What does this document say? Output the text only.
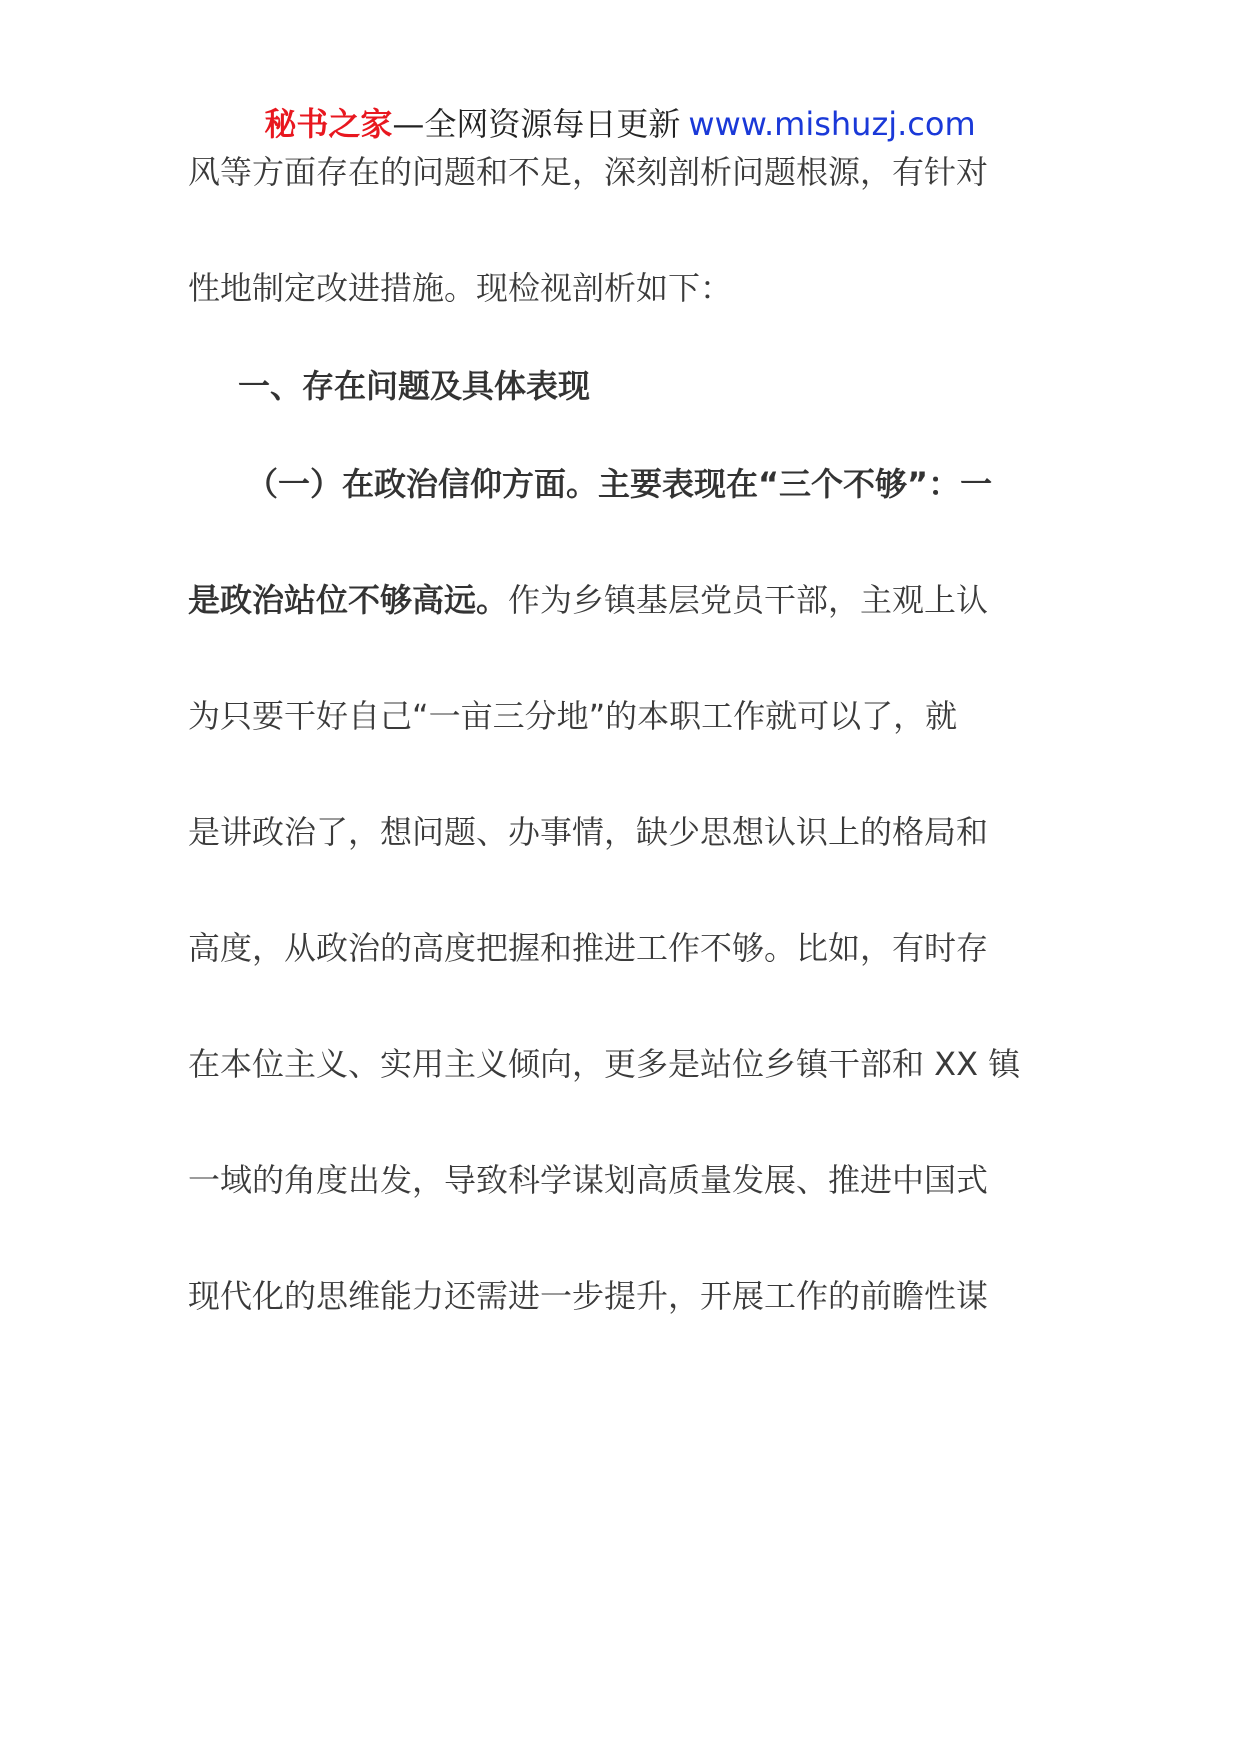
秘书之家—全网资源每日更新 www.mishuzj.com
风等方面存在的问题和不足，深刻剖析问题根源，有针对
性地制定改进措施。现检视剖析如下：
一、存在问题及具体表现
（一）在政治信仰方面。主要表现在“三个不够”：一
是政治站位不够高远。作为乡镇基层党员干部，主观上认
为只要干好自己“一亩三分地”的本职工作就可以了，就
是讲政治了，想问题、办事情，缺少思想认识上的格局和
高度，从政治的高度把握和推进工作不够。比如，有时存
在本位主义、实用主义倾向，更多是站位乡镇干部和 XX 镇
一域的角度出发，导致科学谋划高质量发展、推进中国式
现代化的思维能力还需进一步提升，开展工作的前瞻性谋
